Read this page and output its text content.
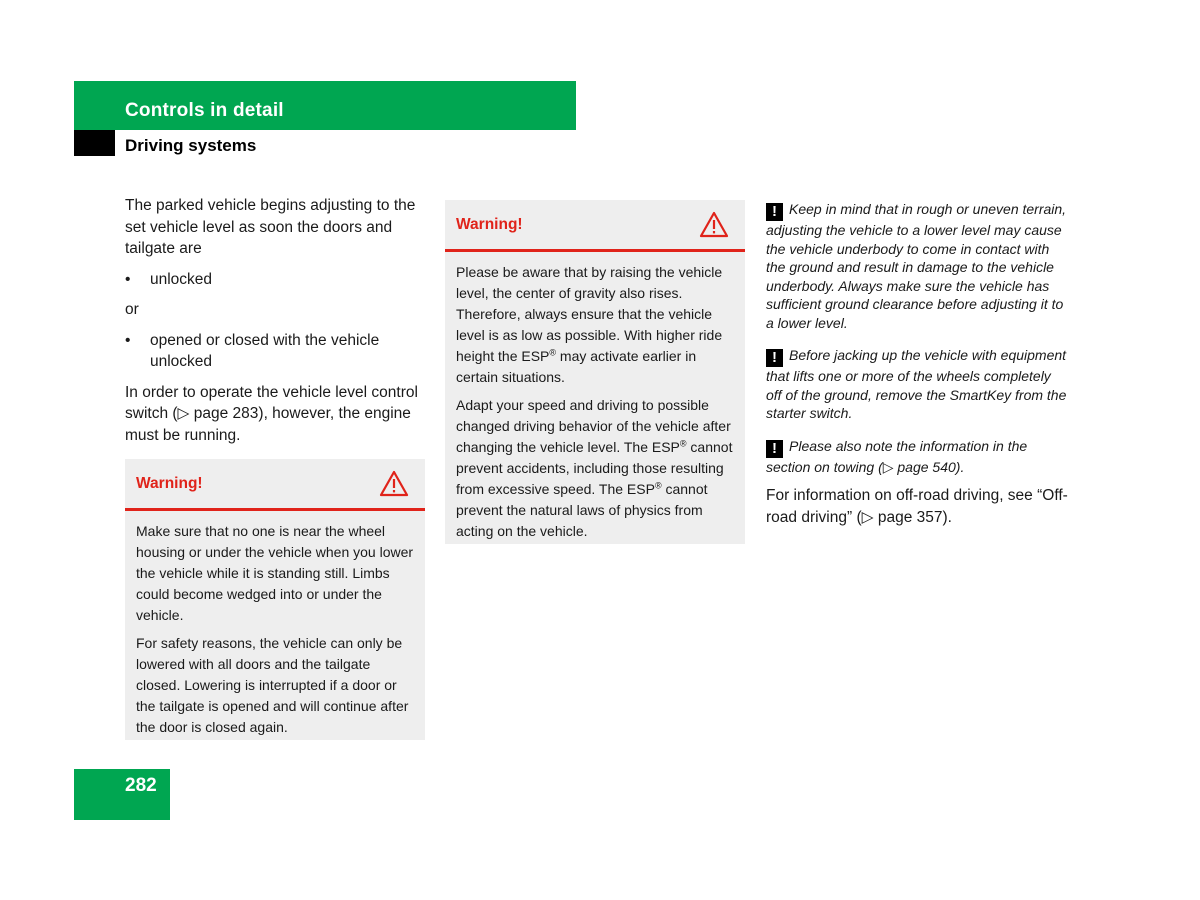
Controls in detail
Driving systems

The parked vehicle begins adjusting to the set vehicle level as soon the doors and tailgate are

•	unlocked

or

•	opened or closed with the vehicle unlocked

In order to operate the vehicle level control switch (▷ page 283), however, the engine must be running.

Warning!

Make sure that no one is near the wheel housing or under the vehicle when you lower the vehicle while it is standing still. Limbs could become wedged into or under the vehicle.

For safety reasons, the vehicle can only be lowered with all doors and the tailgate closed. Lowering is interrupted if a door or the tailgate is opened and will continue after the door is closed again.

Warning!

Please be aware that by raising the vehicle level, the center of gravity also rises. Therefore, always ensure that the vehicle level is as low as possible. With higher ride height the ESP® may activate earlier in certain situations.

Adapt your speed and driving to possible changed driving behavior of the vehicle after changing the vehicle level. The ESP® cannot prevent accidents, including those resulting from excessive speed. The ESP® cannot prevent the natural laws of physics from acting on the vehicle.

! Keep in mind that in rough or uneven terrain, adjusting the vehicle to a lower level may cause the vehicle underbody to come in contact with the ground and result in damage to the vehicle underbody. Always make sure the vehicle has sufficient ground clearance before adjusting it to a lower level.
! Before jacking up the vehicle with equipment that lifts one or more of the wheels completely off of the ground, remove the SmartKey from the starter switch.
! Please also note the information in the section on towing (▷ page 540).

For information on off-road driving, see “Off-road driving” (▷ page 357).

282
